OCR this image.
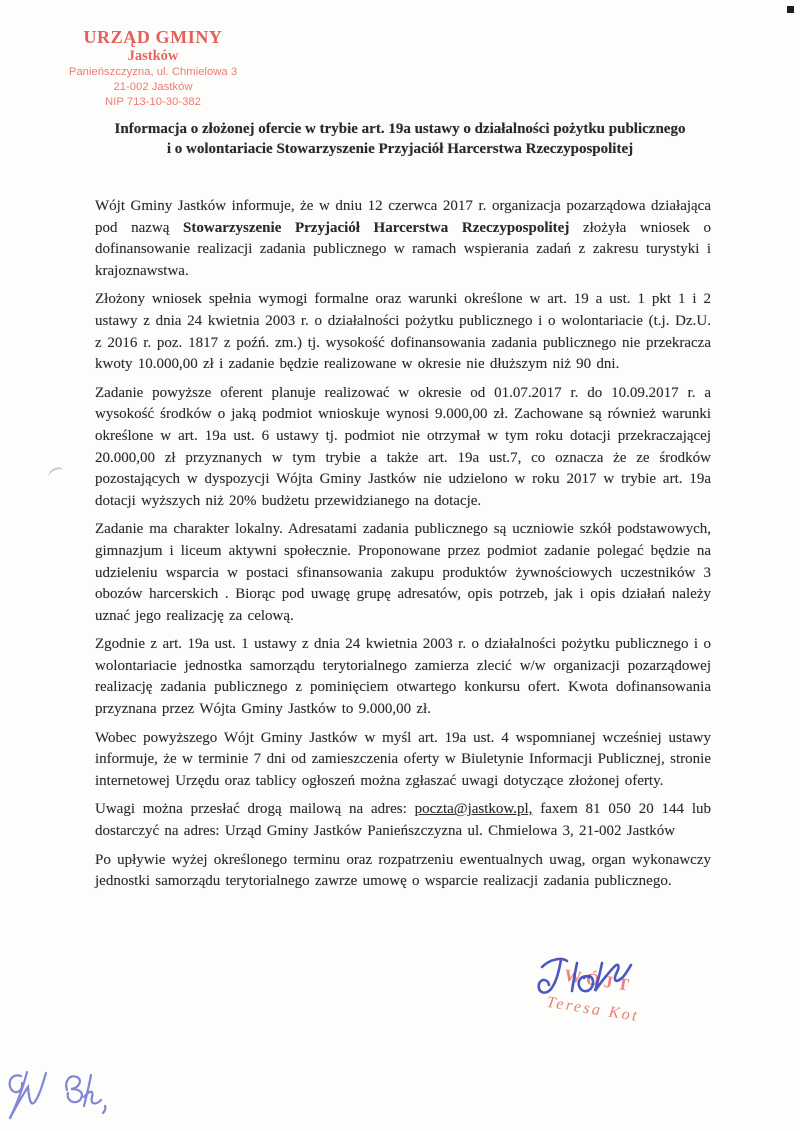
URZĄD GMINY
Jastków
Panieńszczyzna, ul. Chmielowa 3
21-002 Jastków
NIP 713-10-30-382
Informacja o złożonej ofercie w trybie art. 19a ustawy o działalności pożytku publicznego
i o wolontariacie Stowarzyszenie Przyjaciół Harcerstwa Rzeczypospolitej

Wójt Gminy Jastków informuje, że w dniu 12 czerwca 2017 r. organizacja pozarządowa działająca pod nazwą Stowarzyszenie Przyjaciół Harcerstwa Rzeczypospolitej złożyła wniosek o dofinansowanie realizacji zadania publicznego w ramach wspierania zadań z zakresu turystyki i krajoznawstwa.

Złożony wniosek spełnia wymogi formalne oraz warunki określone w art. 19 a ust. 1 pkt 1 i 2 ustawy z dnia 24 kwietnia 2003 r. o działalności pożytku publicznego i o wolontariacie (t.j. Dz.U. z 2016 r. poz. 1817 z poźń. zm.) tj. wysokość dofinansowania zadania publicznego nie przekracza kwoty 10.000,00 zł i zadanie będzie realizowane w okresie nie dłuższym niż 90 dni.

Zadanie powyższe oferent planuje realizować w okresie od 01.07.2017 r. do 10.09.2017 r. a wysokość środków o jaką podmiot wnioskuje wynosi 9.000,00 zł. Zachowane są również warunki określone w art. 19a ust. 6 ustawy tj. podmiot nie otrzymał w tym roku dotacji przekraczającej 20.000,00 zł przyznanych w tym trybie a także art. 19a ust.7, co oznacza że ze środków pozostających w dyspozycji Wójta Gminy Jastków nie udzielono w roku 2017 w trybie art. 19a dotacji wyższych niż 20% budżetu przewidzianego na dotacje.

Zadanie ma charakter lokalny. Adresatami zadania publicznego są uczniowie szkół podstawowych, gimnazjum i liceum aktywni społecznie. Proponowane przez podmiot zadanie polegać będzie na udzieleniu wsparcia w postaci sfinansowania zakupu produktów żywnościowych uczestników 3 obozów harcerskich . Biorąc pod uwagę grupę adresatów, opis potrzeb, jak i opis działań należy uznać jego realizację za celową.

Zgodnie z art. 19a ust. 1 ustawy z dnia 24 kwietnia 2003 r. o działalności pożytku publicznego i o wolontariacie jednostka samorządu terytorialnego zamierza zlecić w/w organizacji pozarządowej realizację zadania publicznego z pominięciem otwartego konkursu ofert. Kwota dofinansowania przyznana przez Wójta Gminy Jastków to 9.000,00 zł.

Wobec powyższego Wójt Gminy Jastków w myśl art. 19a ust. 4 wspomnianej wcześniej ustawy informuje, że w terminie 7 dni od zamieszczenia oferty w Biuletynie Informacji Publicznej, stronie internetowej Urzędu oraz tablicy ogłoszeń można zgłaszać uwagi dotyczące złożonej oferty.

Uwagi można przesłać drogą mailową na adres: poczta@jastkow.pl, faxem 81 050 20 144 lub dostarczyć na adres: Urząd Gminy Jastków Panieńszczyzna ul. Chmielowa 3, 21-002 Jastków

Po upływie wyżej określonego terminu oraz rozpatrzeniu ewentualnych uwag, organ wykonawczy jednostki samorządu terytorialnego zawrze umowę o wsparcie realizacji zadania publicznego.

WÓJT
Teresa Kot
